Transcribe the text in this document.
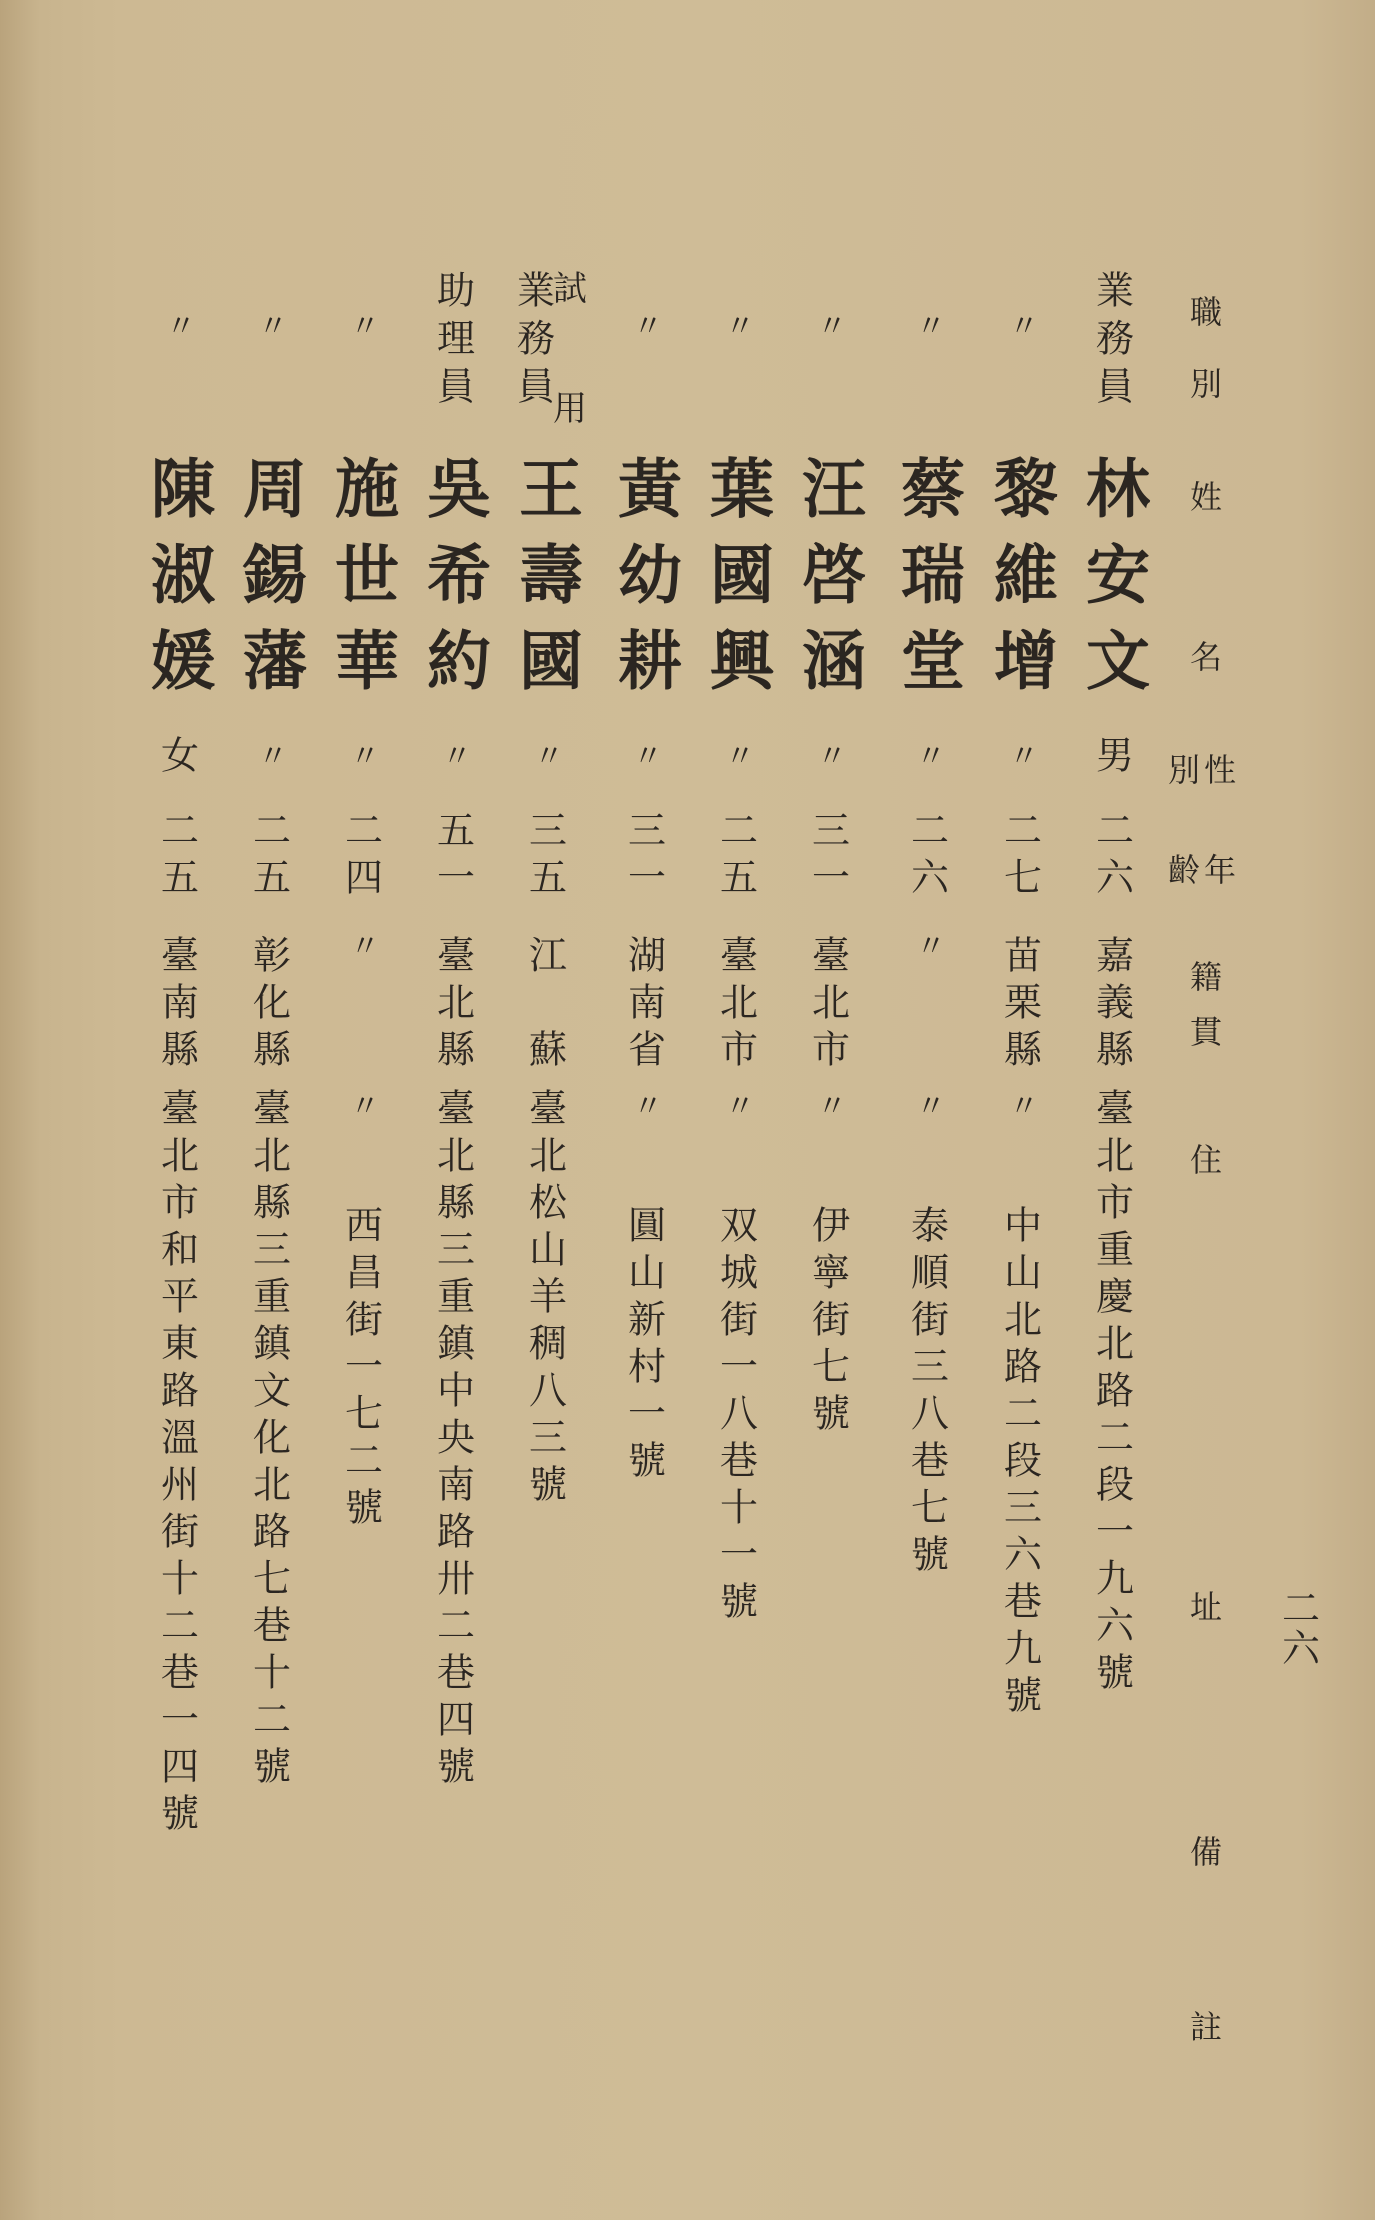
職別
姓
名
性別
年齡
籍
貫
住
址
備
註
二六
業務員
林安文
男
二六
嘉義縣
臺北市重慶北路二段一九六號
〃
黎維增
〃
二七
苗栗縣
〃
中山北路二段三六巷九號
〃
蔡瑞堂
〃
二六
〃
〃
泰順街三八巷七號
〃
汪啓涵
〃
三一
臺北市
〃
伊寧街七號
〃
葉國興
〃
二五
臺北市
〃
双城街一八巷十一號
〃
黃幼耕
〃
三一
湖南省
〃
圓山新村一號
業務員
試
用
王壽國
〃
三五
江　蘇
臺北松山羊稠八三號
助理員
吳希約
〃
五一
臺北縣
臺北縣三重鎮中央南路卅二巷四號
〃
施世華
〃
二四
〃
〃
西昌街一七二號
〃
周錫藩
〃
二五
彰化縣
臺北縣三重鎮文化北路七巷十二號
〃
陳淑媛
女
二五
臺南縣
臺北市和平東路溫州街十二巷一四號
